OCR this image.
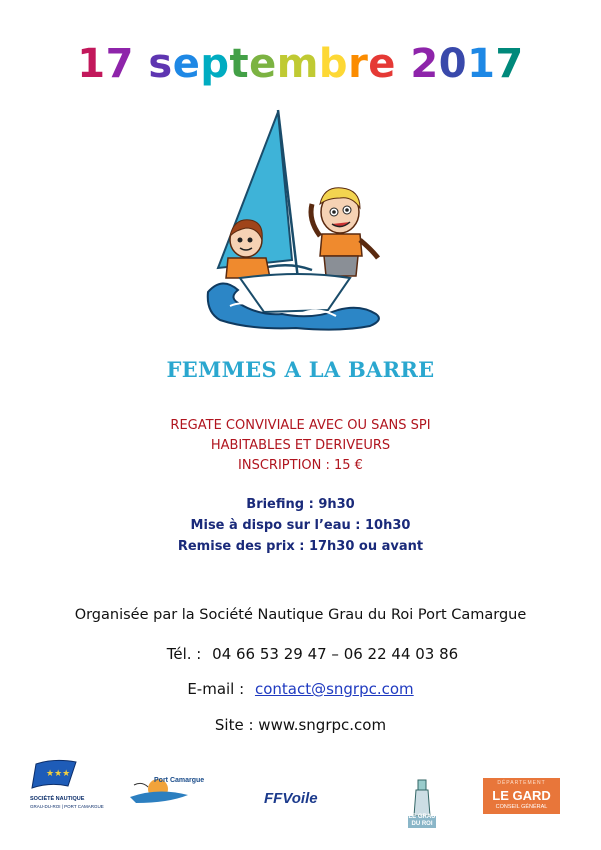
17 septembre 2017
FEMMES A LA BARRE
REGATE CONVIVIALE AVEC OU SANS SPI
HABITABLES ET DERIVEURS
INSCRIPTION : 15 €
Briefing : 9h30
Mise à dispo sur l’eau : 10h30
Remise des prix : 17h30 ou avant
Organisée par la Société Nautique Grau du Roi Port Camargue
Tél. : 04 66 53 29 47 – 06 22 44 03 86
E-mail : contact@sngrpc.com
Site : www.sngrpc.com
★★★
SOCIÉTÉ NAUTIQUE
GRAU-DU-ROI | PORT CAMARGUE
Port Camargue
FFVoile
LE GRAU DU ROI
DÉPARTEMENT
LE GARD
CONSEIL GÉNÉRAL
